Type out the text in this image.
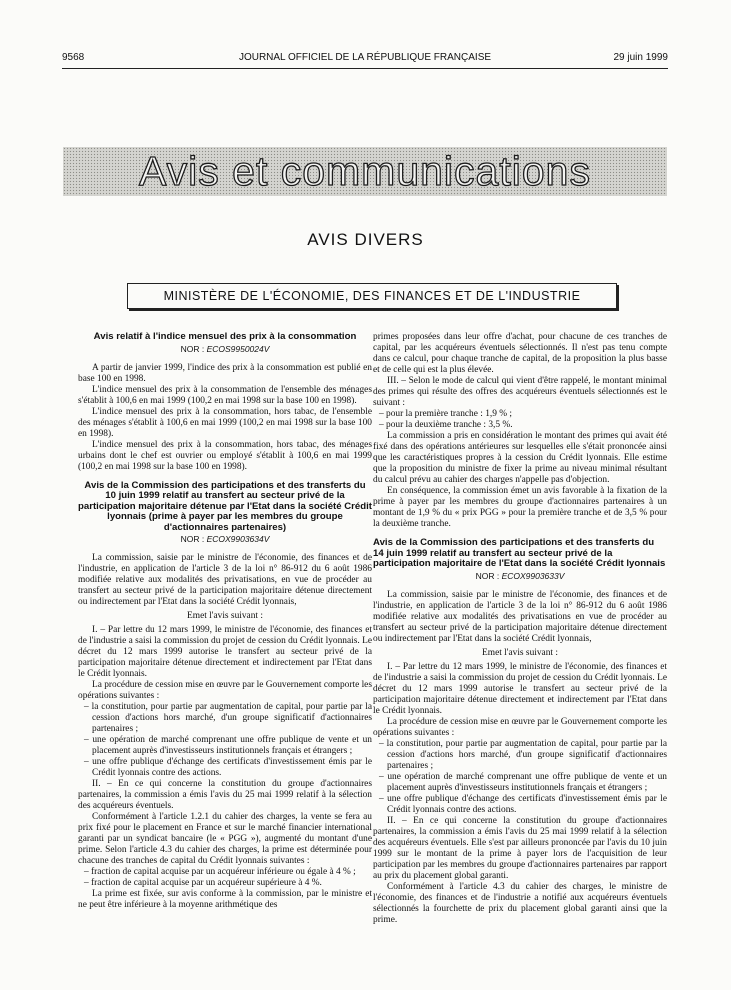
9568	JOURNAL OFFICIEL DE LA RÉPUBLIQUE FRANÇAISE	29 juin 1999
Avis et communications
AVIS DIVERS
MINISTÈRE DE L'ÉCONOMIE, DES FINANCES ET DE L'INDUSTRIE
Avis relatif à l'indice mensuel des prix à la consommation
NOR : ECOS9950024V

A partir de janvier 1999, l'indice des prix à la consommation est publié en base 100 en 1998.

L'indice mensuel des prix à la consommation de l'ensemble des ménages s'établit à 100,6 en mai 1999 (100,2 en mai 1998 sur la base 100 en 1998).

L'indice mensuel des prix à la consommation, hors tabac, de l'ensemble des ménages s'établit à 100,6 en mai 1999 (100,2 en mai 1998 sur la base 100 en 1998).

L'indice mensuel des prix à la consommation, hors tabac, des ménages urbains dont le chef est ouvrier ou employé s'établit à 100,6 en mai 1999 (100,2 en mai 1998 sur la base 100 en 1998).

Avis de la Commission des participations et des transferts du 10 juin 1999 relatif au transfert au secteur privé de la participation majoritaire détenue par l'Etat dans la société Crédit lyonnais (prime à payer par les membres du groupe d'actionnaires partenaires)
NOR : ECOX9903634V

La commission, saisie par le ministre de l'économie, des finances et de l'industrie, en application de l'article 3 de la loi n° 86-912 du 6 août 1986 modifiée relative aux modalités des privatisations, en vue de procéder au transfert au secteur privé de la participation majoritaire détenue directement ou indirectement par l'Etat dans la société Crédit lyonnais,

Emet l'avis suivant :

I. – Par lettre du 12 mars 1999, le ministre de l'économie, des finances et de l'industrie a saisi la commission du projet de cession du Crédit lyonnais. Le décret du 12 mars 1999 autorise le transfert au secteur privé de la participation majoritaire détenue directement et indirectement par l'Etat dans le Crédit lyonnais.

La procédure de cession mise en œuvre par le Gouvernement comporte les opérations suivantes :

– la constitution, pour partie par augmentation de capital, pour partie par la cession d'actions hors marché, d'un groupe significatif d'actionnaires partenaires ;
– une opération de marché comprenant une offre publique de vente et un placement auprès d'investisseurs institutionnels français et étrangers ;
– une offre publique d'échange des certificats d'investissement émis par le Crédit lyonnais contre des actions.

II. – En ce qui concerne la constitution du groupe d'actionnaires partenaires, la commission a émis l'avis du 25 mai 1999 relatif à la sélection des acquéreurs éventuels.

Conformément à l'article 1.2.1 du cahier des charges, la vente se fera au prix fixé pour le placement en France et sur le marché financier international garanti par un syndicat bancaire (le « PGG »), augmenté du montant d'une prime. Selon l'article 4.3 du cahier des charges, la prime est déterminée pour chacune des tranches de capital du Crédit lyonnais suivantes :

– fraction de capital acquise par un acquéreur inférieure ou égale à 4 % ;
– fraction de capital acquise par un acquéreur supérieure à 4 %.

La prime est fixée, sur avis conforme à la commission, par le ministre et ne peut être inférieure à la moyenne arithmétique des

primes proposées dans leur offre d'achat, pour chacune de ces tranches de capital, par les acquéreurs éventuels sélectionnés. Il n'est pas tenu compte dans ce calcul, pour chaque tranche de capital, de la proposition la plus basse et de celle qui est la plus élevée.

III. – Selon le mode de calcul qui vient d'être rappelé, le montant minimal des primes qui résulte des offres des acquéreurs éventuels sélectionnés est le suivant :

– pour la première tranche : 1,9 % ;
– pour la deuxième tranche : 3,5 %.

La commission a pris en considération le montant des primes qui avait été fixé dans des opérations antérieures sur lesquelles elle s'était prononcée ainsi que les caractéristiques propres à la cession du Crédit lyonnais. Elle estime que la proposition du ministre de fixer la prime au niveau minimal résultant du calcul prévu au cahier des charges n'appelle pas d'objection.

En conséquence, la commission émet un avis favorable à la fixation de la prime à payer par les membres du groupe d'actionnaires partenaires à un montant de 1,9 % du « prix PGG » pour la première tranche et de 3,5 % pour la deuxième tranche.

Avis de la Commission des participations et des transferts du 14 juin 1999 relatif au transfert au secteur privé de la participation majoritaire de l'Etat dans la société Crédit lyonnais
NOR : ECOX9903633V

La commission, saisie par le ministre de l'économie, des finances et de l'industrie, en application de l'article 3 de la loi n° 86-912 du 6 août 1986 modifiée relative aux modalités des privatisations en vue de procéder au transfert au secteur privé de la participation majoritaire détenue directement ou indirectement par l'Etat dans la société Crédit lyonnais,

Emet l'avis suivant :

I. – Par lettre du 12 mars 1999, le ministre de l'économie, des finances et de l'industrie a saisi la commission du projet de cession du Crédit lyonnais. Le décret du 12 mars 1999 autorise le transfert au secteur privé de la participation majoritaire détenue directement et indirectement par l'Etat dans le Crédit lyonnais.

La procédure de cession mise en œuvre par le Gouvernement comporte les opérations suivantes :

– la constitution, pour partie par augmentation de capital, pour partie par la cession d'actions hors marché, d'un groupe significatif d'actionnaires partenaires ;
– une opération de marché comprenant une offre publique de vente et un placement auprès d'investisseurs institutionnels français et étrangers ;
– une offre publique d'échange des certificats d'investissement émis par le Crédit lyonnais contre des actions.

II. – En ce qui concerne la constitution du groupe d'actionnaires partenaires, la commission a émis l'avis du 25 mai 1999 relatif à la sélection des acquéreurs éventuels. Elle s'est par ailleurs prononcée par l'avis du 10 juin 1999 sur le montant de la prime à payer lors de l'acquisition de leur participation par les membres du groupe d'actionnaires partenaires par rapport au prix du placement global garanti.

Conformément à l'article 4.3 du cahier des charges, le ministre de l'économie, des finances et de l'industrie a notifié aux acquéreurs éventuels sélectionnés la fourchette de prix du placement global garanti ainsi que la prime.
